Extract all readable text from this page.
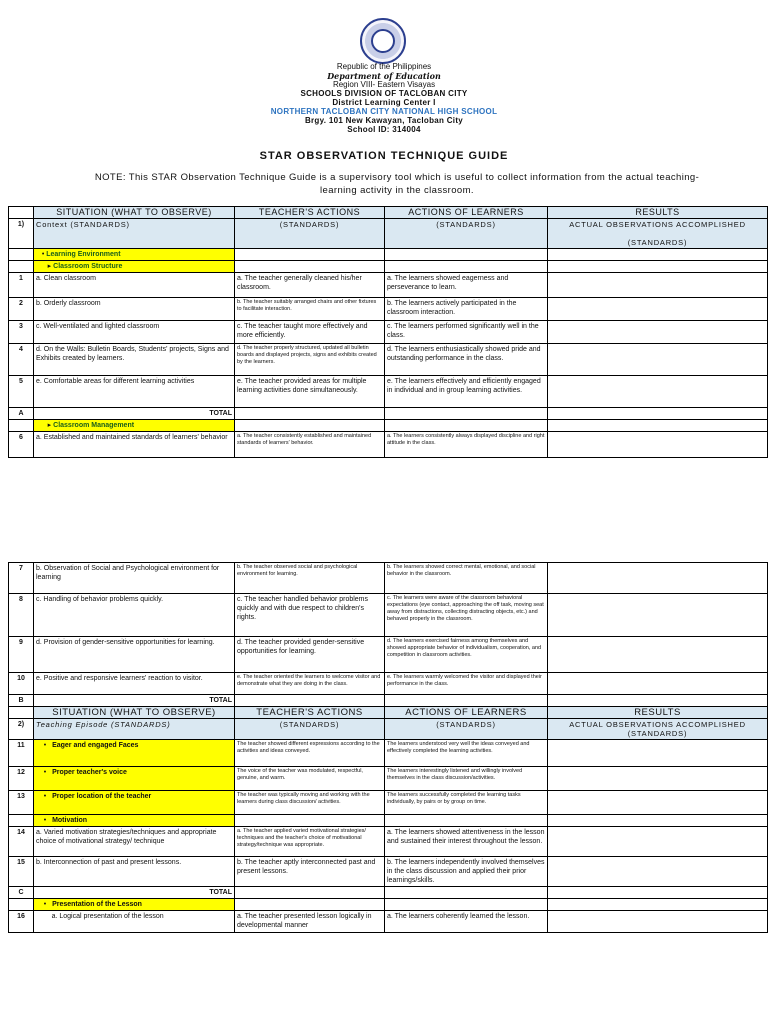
Republic of the Philippines
Department of Education
Region VIII- Eastern Visayas
SCHOOLS DIVISION OF TACLOBAN CITY
District Learning Center I
NORTHERN TACLOBAN CITY NATIONAL HIGH SCHOOL
Brgy. 101 New Kawayan, Tacloban City
School ID: 314004
STAR OBSERVATION TECHNIQUE GUIDE
NOTE: This STAR Observation Technique Guide is a supervisory tool which is useful to collect information from the actual teaching-learning activity in the classroom.
	SITUATION (WHAT TO OBSERVE)	TEACHER'S ACTIONS	ACTIONS OF LEARNERS	RESULTS
1)	Context (STANDARDS)	(STANDARDS)	(STANDARDS)	ACTUAL OBSERVATIONS ACCOMPLISHED

(STANDARDS)
	• Learning Environment			
	▸ Classroom Structure			
1	a. Clean classroom	a. The teacher generally cleaned his/her classroom.	a. The learners showed eagerness and perseverance to learn.	
2	b. Orderly classroom	b. The teacher suitably arranged chairs and other fixtures to facilitate interaction.	b. The learners actively participated in the classroom interaction.	
3	c. Well-ventilated and lighted classroom	c. The teacher taught more effectively and more efficiently.	c. The learners performed significantly well in the class.	
4	d. On the Walls: Bulletin Boards, Students' projects, Signs and Exhibits created by learners.	d. The teacher properly structured, updated all bulletin boards and displayed projects, signs and exhibits created by the learners.	d. The learners enthusiastically showed pride and outstanding performance in the class.	
5	e. Comfortable areas for different learning activities	e. The teacher provided areas for multiple learning activities done simultaneously.	e. The learners effectively and efficiently engaged in individual and in group learning activities.	
A	TOTAL			
	▸ Classroom Management			
6	a. Established and maintained standards of learners' behavior	a. The teacher consistently established and maintained standards of learners' behavior.	a. The learners consistently always displayed discipline and right attitude in the class.	
7	b. Observation of Social and Psychological environment for learning	b. The teacher observed social and psychological environment for learning.	b. The learners showed correct mental, emotional, and social behavior in the classroom.	
8	c. Handling of behavior problems quickly.	c. The teacher handled behavior problems quickly and with due respect to children's rights.	c. The learners were aware of the classroom behavioral expectations (eye contact, approaching the off task, moving seat away from distractions, collecting distracting objects, etc.) and behaved properly in the classroom.	
9	d. Provision of gender-sensitive opportunities for learning.	d. The teacher provided gender-sensitive opportunities for learning.	d. The learners exercised fairness among themselves and showed appropriate behavior of individualism, cooperation, and competition in classroom activities.	
10	e. Positive and responsive learners' reaction to visitor.	e. The teacher oriented the learners to welcome visitor and demonstrate what they are doing in the class.	e. The learners warmly welcomed the visitor and displayed their performance in the class.	
B	TOTAL			
	SITUATION (WHAT TO OBSERVE)	TEACHER'S ACTIONS	ACTIONS OF LEARNERS	RESULTS
2)	Teaching Episode (STANDARDS)	(STANDARDS)	(STANDARDS)	ACTUAL OBSERVATIONS ACCOMPLISHED
(STANDARDS)
11	•   Eager and engaged Faces	The teacher showed different expressions according to the activities and ideas conveyed.	The learners understood very well the ideas conveyed and effectively completed the learning activities.	
12	•   Proper teacher's voice	The voice of the teacher was modulated, respectful, genuine, and warm.	The learners interestingly listened and willingly involved themselves in the class discussion/activities.	
13	•   Proper location of the teacher	The teacher was typically moving and working with the learners during class discussion/ activities.	The learners successfully completed the learning tasks individually, by pairs or by group on time.	
	•   Motivation			
14	a. Varied motivation strategies/techniques and appropriate choice of motivational strategy/ technique	a. The teacher applied varied motivational strategies/ techniques and the teacher's choice of motivational strategy/technique was appropriate.	a. The learners showed attentiveness in the lesson and sustained their interest throughout the lesson.	
15	b. Interconnection of past and present lessons.	b. The teacher aptly interconnected past and present lessons.	b. The learners independently involved themselves in the class discussion and applied their prior learnings/skills.	
C	TOTAL			
	•   Presentation of the Lesson			
16	a. Logical presentation of the lesson	a. The teacher presented lesson logically in developmental manner	a. The learners coherently learned the lesson.	
